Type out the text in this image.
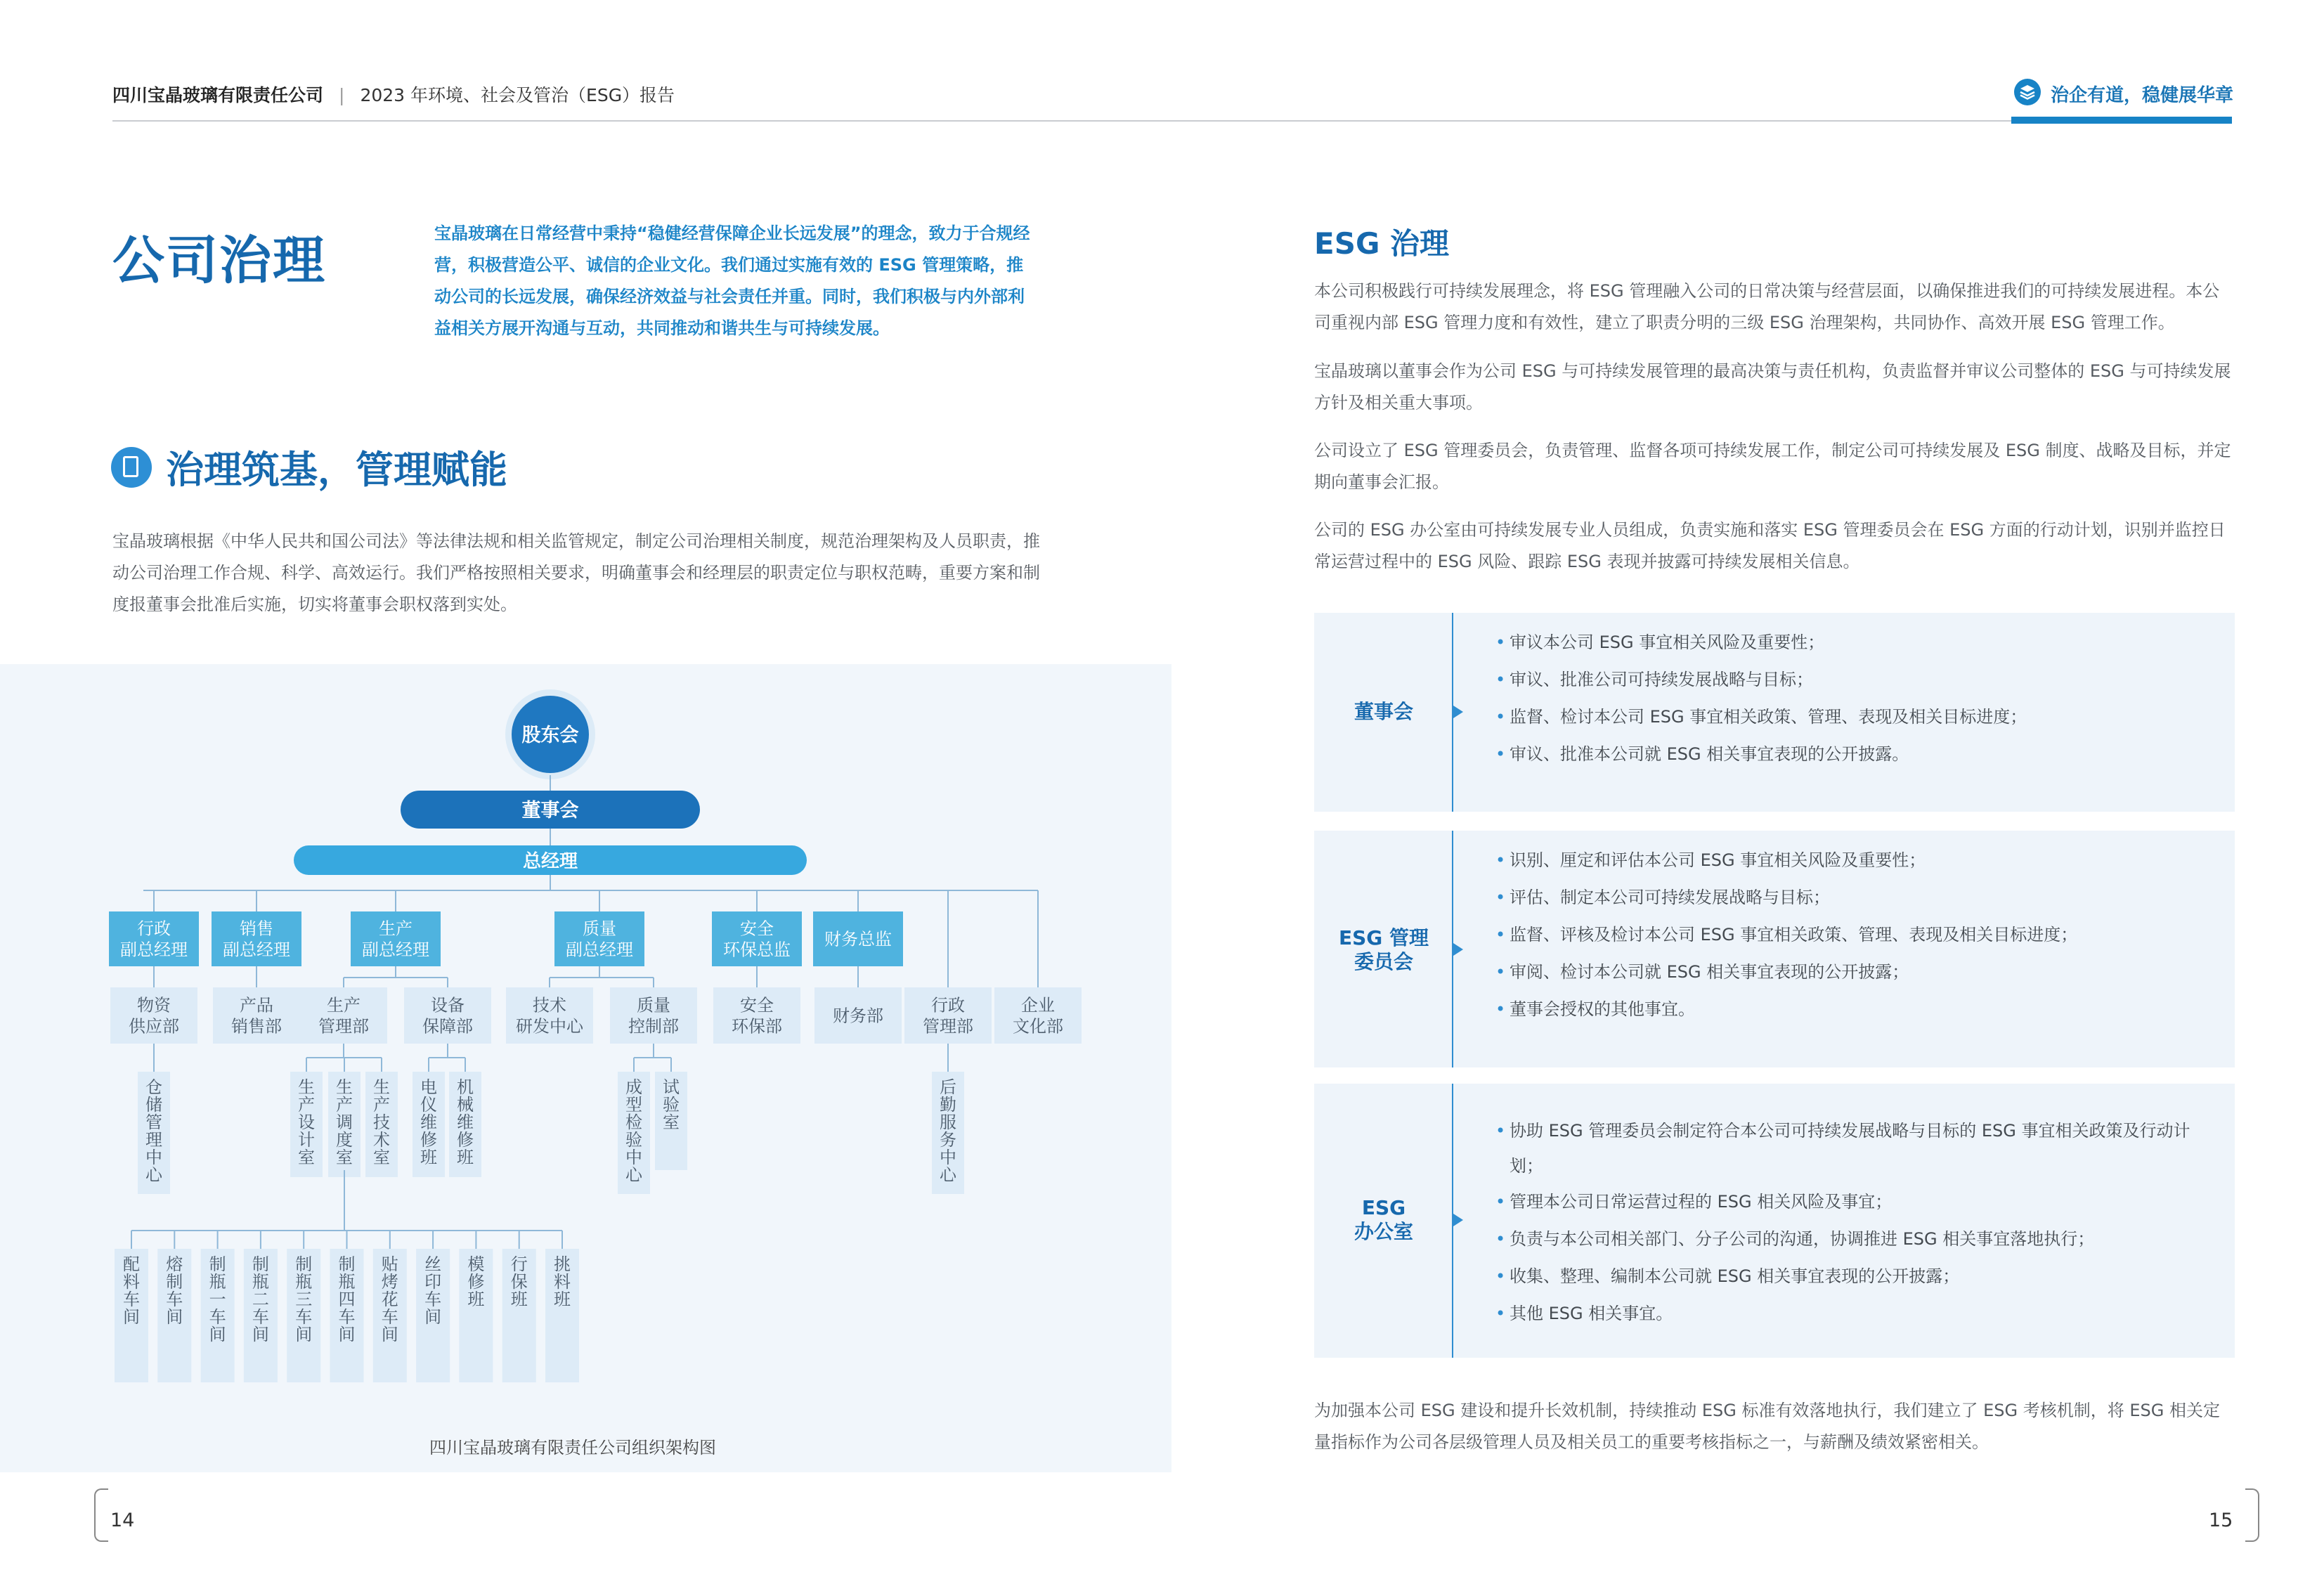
四川宝晶玻璃有限责任公司 | 2023 年环境、社会及管治（ESG）报告	治企有道，稳健展华章
公司治理	宝晶玻璃在日常经营中秉持“稳健经营保障企业长远发展”的理念，致力于合规经营，积极营造公平、诚信的企业文化。我们通过实施有效的 ESG 管理策略，推动公司的长远发展，确保经济效益与社会责任并重。同时，我们积极与内外部利益相关方展开沟通与互动，共同推动和谐共生与可持续发展。
治理筑基，管理赋能
宝晶玻璃根据《中华人民共和国公司法》等法律法规和相关监管规定，制定公司治理相关制度，规范治理架构及人员职责，推动公司治理工作合规、科学、高效运行。我们严格按照相关要求，明确董事会和经理层的职责定位与职权范畴，重要方案和制度报董事会批准后实施，切实将董事会职权落到实处。
股东会
董事会
总经理
行政
副总经理
销售
副总经理
生产
副总经理
质量
副总经理
安全
环保总监
财务总监
物资
供应部
产品
销售部
生产
管理部
设备
保障部
技术
研发中心
质量
控制部
安全
环保部
财务部
行政
管理部
企业
文化部
仓
储
管
理
中
心
生
产
设
计
室
生
产
调
度
室
生
产
技
术
室
电
仪
维
修
班
机
械
维
修
班
成
型
检
验
中
心
试
验
室
后
勤
服
务
中
心
配
料
车
间
熔
制
车
间
制
瓶
一
车
间
制
瓶
二
车
间
制
瓶
三
车
间
制
瓶
四
车
间
贴
烤
花
车
间
丝
印
车
间
模
修
班
行
保
班
挑
料
班
四川宝晶玻璃有限责任公司组织架构图
ESG 治理
本公司积极践行可持续发展理念，将 ESG 管理融入公司的日常决策与经营层面，以确保推进我们的可持续发展进程。本公司重视内部 ESG 管理力度和有效性，建立了职责分明的三级 ESG 治理架构，共同协作、高效开展 ESG 管理工作。
宝晶玻璃以董事会作为公司 ESG 与可持续发展管理的最高决策与责任机构，负责监督并审议公司整体的 ESG 与可持续发展方针及相关重大事项。
公司设立了 ESG 管理委员会，负责管理、监督各项可持续发展工作，制定公司可持续发展及 ESG 制度、战略及目标，并定期向董事会汇报。
公司的 ESG 办公室由可持续发展专业人员组成，负责实施和落实 ESG 管理委员会在 ESG 方面的行动计划，识别并监控日常运营过程中的 ESG 风险、跟踪 ESG 表现并披露可持续发展相关信息。
董事会
• 审议本公司 ESG 事宜相关风险及重要性；
• 审议、批准公司可持续发展战略与目标；
• 监督、检讨本公司 ESG 事宜相关政策、管理、表现及相关目标进度；
• 审议、批准本公司就 ESG 相关事宜表现的公开披露。
ESG 管理
委员会
• 识别、厘定和评估本公司 ESG 事宜相关风险及重要性；
• 评估、制定本公司可持续发展战略与目标；
• 监督、评核及检讨本公司 ESG 事宜相关政策、管理、表现及相关目标进度；
• 审阅、检讨本公司就 ESG 相关事宜表现的公开披露；
• 董事会授权的其他事宜。
ESG
办公室
• 协助 ESG 管理委员会制定符合本公司可持续发展战略与目标的 ESG 事宜相关政策及行动计划；
• 管理本公司日常运营过程的 ESG 相关风险及事宜；
• 负责与本公司相关部门、分子公司的沟通，协调推进 ESG 相关事宜落地执行；
• 收集、整理、编制本公司就 ESG 相关事宜表现的公开披露；
• 其他 ESG 相关事宜。
为加强本公司 ESG 建设和提升长效机制，持续推动 ESG 标准有效落地执行，我们建立了 ESG 考核机制，将 ESG 相关定量指标作为公司各层级管理人员及相关员工的重要考核指标之一，与薪酬及绩效紧密相关。
14	15
